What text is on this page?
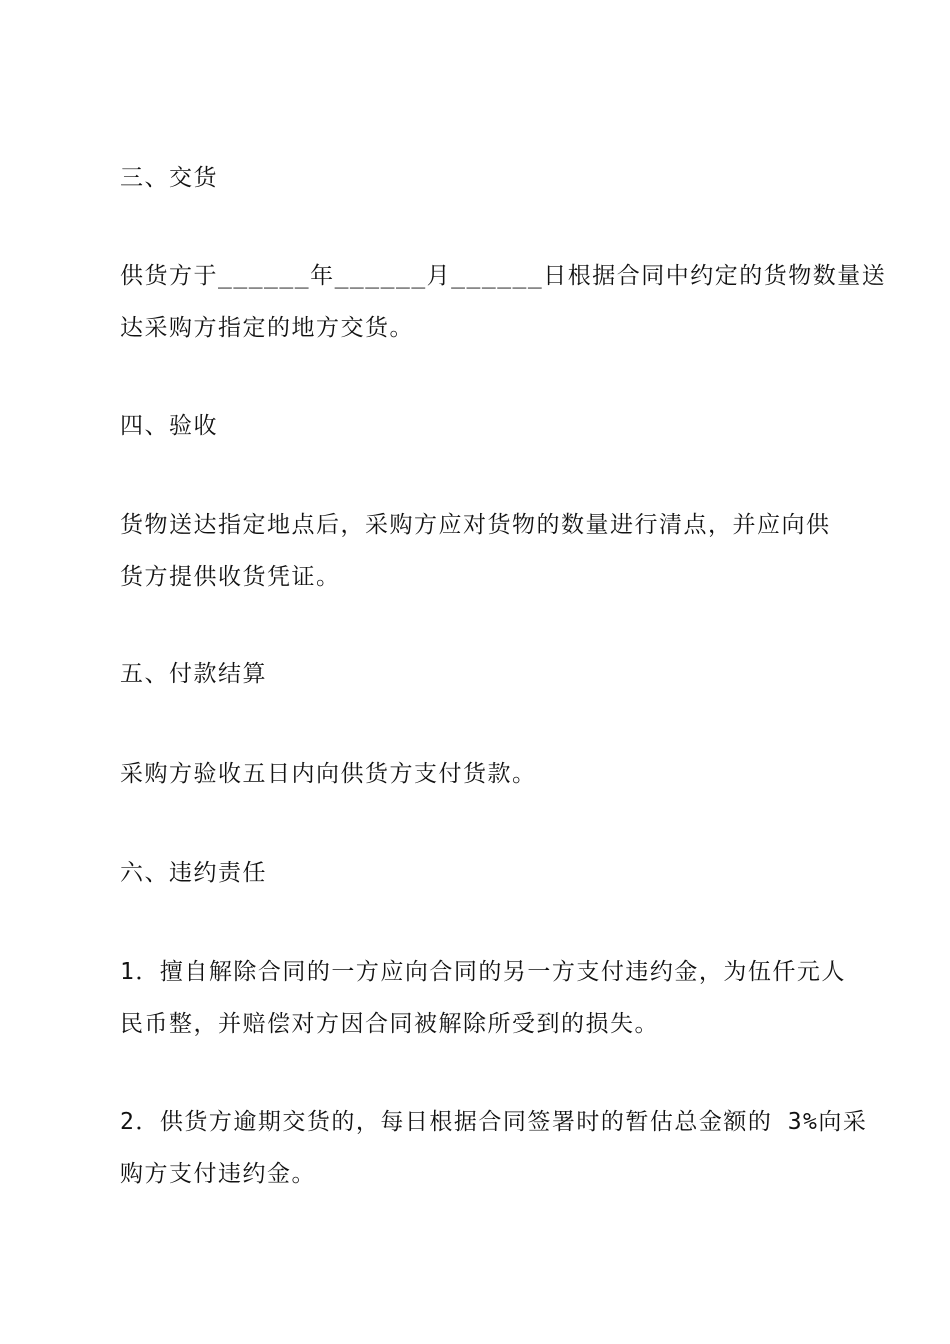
三、交货

供货方于______年______月______日根据合同中约定的货物数量送
达采购方指定的地方交货。

四、验收

货物送达指定地点后，采购方应对货物的数量进行清点，并应向供
货方提供收货凭证。

五、付款结算

采购方验收五日内向供货方支付货款。

六、违约责任

1．擅自解除合同的一方应向合同的另一方支付违约金，为伍仟元人
民币整，并赔偿对方因合同被解除所受到的损失。

2．供货方逾期交货的，每日根据合同签署时的暂估总金额的 3%向采
购方支付违约金。
